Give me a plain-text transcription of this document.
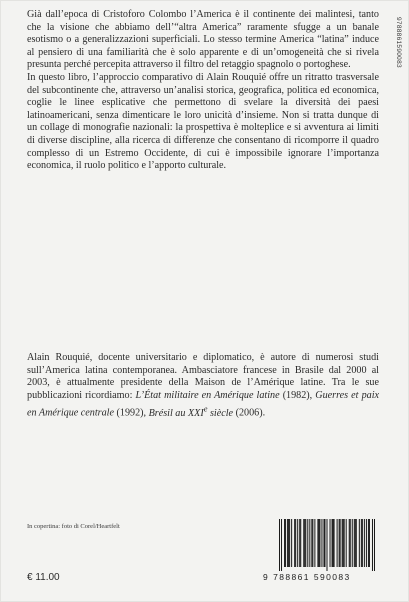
Già dall’epoca di Cristoforo Colombo l’America è il continente dei malintesi, tanto che la visione che abbiamo dell’“altra America” raramente sfugge a un banale esotismo o a generalizzazioni superficiali. Lo stesso termine America “latina” induce al pensiero di una familiarità che è solo apparente e di un’omogeneità che si rivela presunta perché percepita attraverso il filtro del retaggio spagnolo o portoghese.

In questo libro, l’approccio comparativo di Alain Rouquié offre un ritratto trasversale del subcontinente che, attraverso un’analisi storica, geografica, politica ed economica, coglie le linee esplicative che permettono di svelare la diversità dei paesi latinoamericani, senza dimenticare le loro unicità d’insieme. Non si tratta dunque di un collage di monografie nazionali: la prospettiva è molteplice e si avventura ai limiti di diverse discipline, alla ricerca di differenze che consentano di ricomporre il quadro complesso di un Estremo Occidente, di cui è impossibile ignorare l’importanza economica, il ruolo politico e l’apporto culturale.

9788861590083

Alain Rouquié, docente universitario e diplomatico, è autore di numerosi studi sull’America latina contemporanea. Ambasciatore francese in Brasile dal 2000 al 2003, è attualmente presidente della Maison de l’Amérique latine. Tra le sue pubblicazioni ricordiamo: L’État militaire en Amérique latine (1982), Guerres et paix en Amérique centrale (1992), Brésil au XXIe siècle (2006).

In copertina: foto di Corel/Heartfelt
€ 11.00	9 788861 590083
